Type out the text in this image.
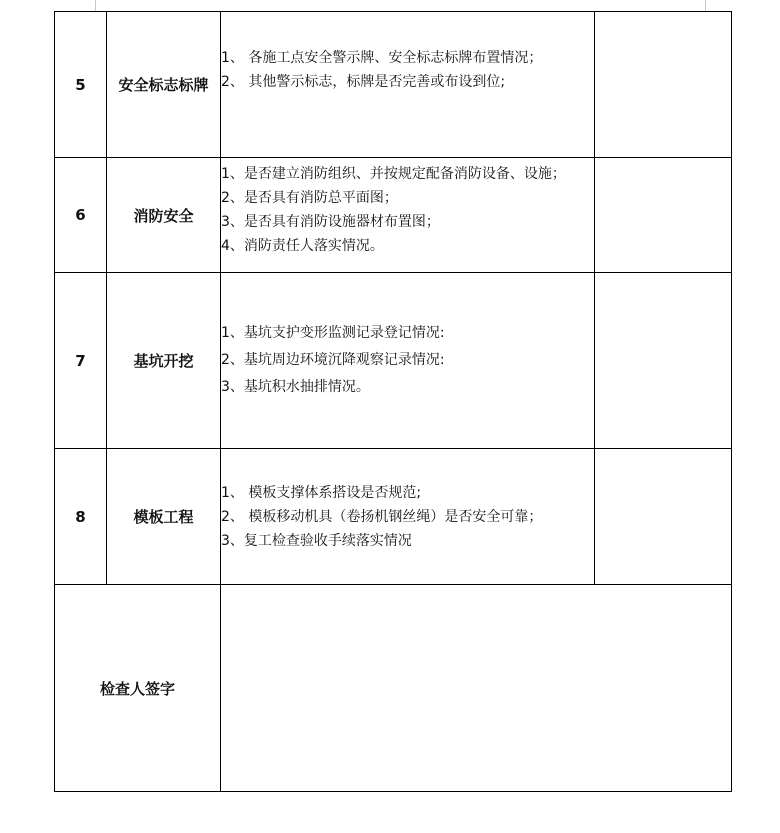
5	安全标志标牌	1、 各施工点安全警示牌、安全标志标牌布置情况；
2、 其他警示标志，标牌是否完善或布设到位;	

6	消防安全	1、是否建立消防组织、并按规定配备消防设备、设施；
2、是否具有消防总平面图；
3、是否具有消防设施器材布置图；
4、消防责任人落实情况。	

7	基坑开挖	1、基坑支护变形监测记录登记情况:
2、基坑周边环境沉降观察记录情况:
3、基坑积水抽排情况。	

8	模板工程	1、 模板支撑体系搭设是否规范;
2、 模板移动机具（卷扬机钢丝绳）是否安全可靠；
3、复工检查验收手续落实情况	

检查人签字			
